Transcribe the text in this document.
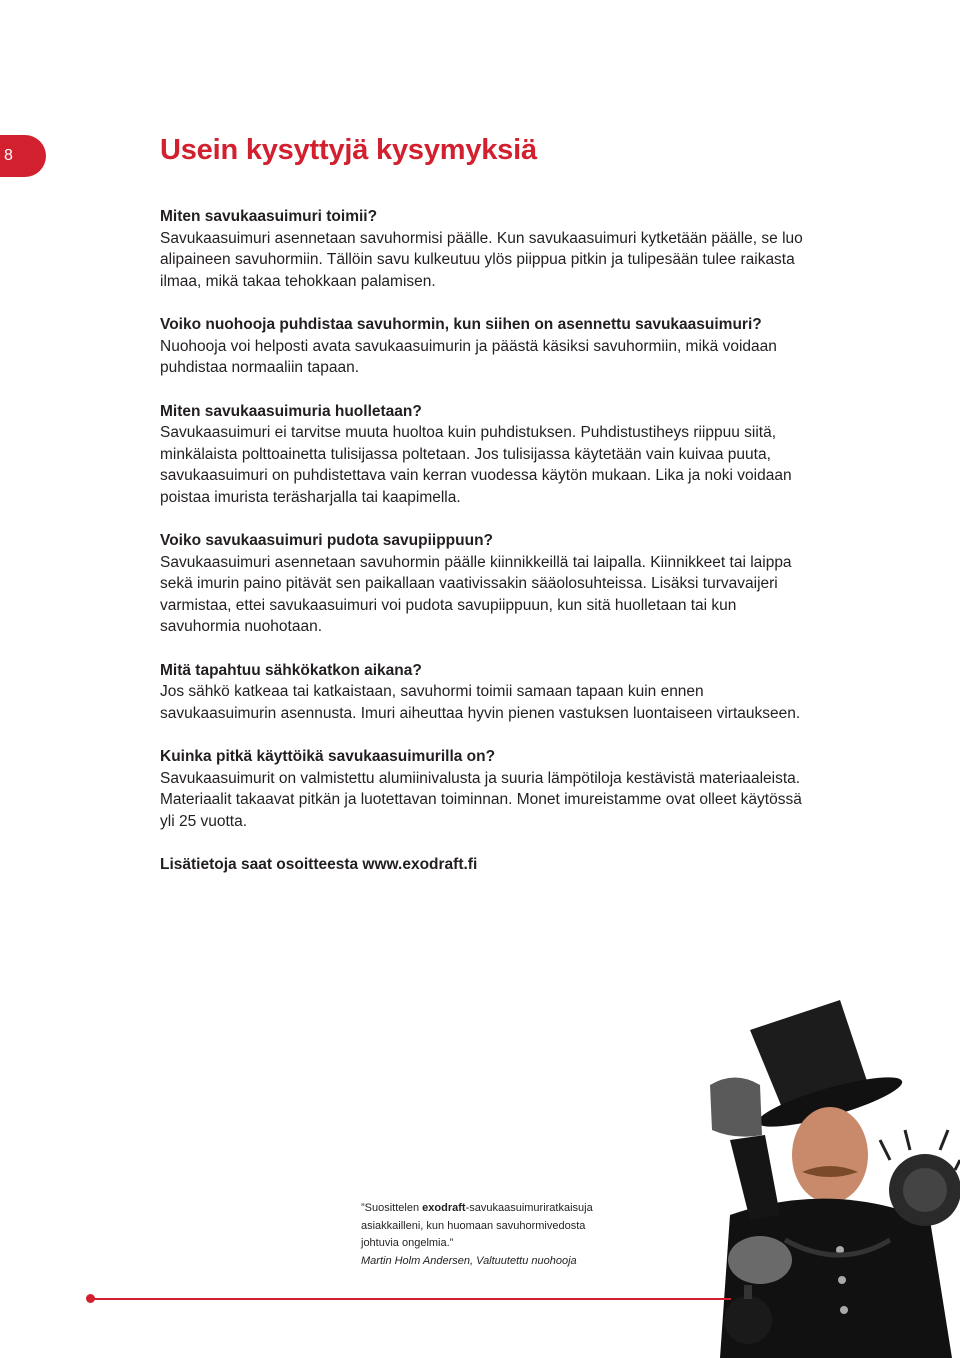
8	Usein kysyttyjä kysymyksiä

Miten savukaasuimuri toimii?

Savukaasuimuri asennetaan savuhormisi päälle. Kun savukaasuimuri kytketään päälle, se luo alipaineen savuhormiin. Tällöin savu kulkeutuu ylös piippua pitkin ja tulipesään tulee raikasta ilmaa, mikä takaa tehokkaan palamisen.

Voiko nuohooja puhdistaa savuhormin, kun siihen on asennettu savukaasuimuri?

Nuohooja voi helposti avata savukaasuimurin ja päästä käsiksi savuhormiin, mikä voidaan puhdistaa normaaliin tapaan.

Miten savukaasuimuria huolletaan?

Savukaasuimuri ei tarvitse muuta huoltoa kuin puhdistuksen. Puhdistustiheys riippuu siitä, minkälaista polttoainetta tulisijassa poltetaan. Jos tulisijassa käytetään vain kuivaa puuta, savukaasuimuri on puhdistettava vain kerran vuodessa käytön mukaan. Lika ja noki voidaan poistaa imurista teräsharjalla tai kaapimella.

Voiko savukaasuimuri pudota savupiippuun?

Savukaasuimuri asennetaan savuhormin päälle kiinnikkeillä tai laipalla. Kiinnikkeet tai laippa sekä imurin paino pitävät sen paikallaan vaativissakin sääolosuhteissa. Lisäksi turvavaijeri varmistaa, ettei savukaasuimuri voi pudota savupiippuun, kun sitä huolletaan tai kun savuhormia nuohotaan.

Mitä tapahtuu sähkökatkon aikana?

Jos sähkö katkeaa tai katkaistaan, savuhormi toimii samaan tapaan kuin ennen savukaasuimurin asennusta. Imuri aiheuttaa hyvin pienen vastuksen luontaiseen virtaukseen.

Kuinka pitkä käyttöikä savukaasuimurilla on?

Savukaasuimurit on valmistettu alumiinivalusta ja suuria lämpötiloja kestävistä materiaaleista. Materiaalit takaavat pitkän ja luotettavan toiminnan. Monet imureistamme ovat olleet käytössä yli 25 vuotta.

Lisätietoja saat osoitteesta www.exodraft.fi

”Suosittelen exodraft-savukaasuimuriratkaisuja asiakkailleni, kun huomaan savuhormivedosta johtuvia ongelmia.”

Martin Holm Andersen, Valtuutettu nuohooja
